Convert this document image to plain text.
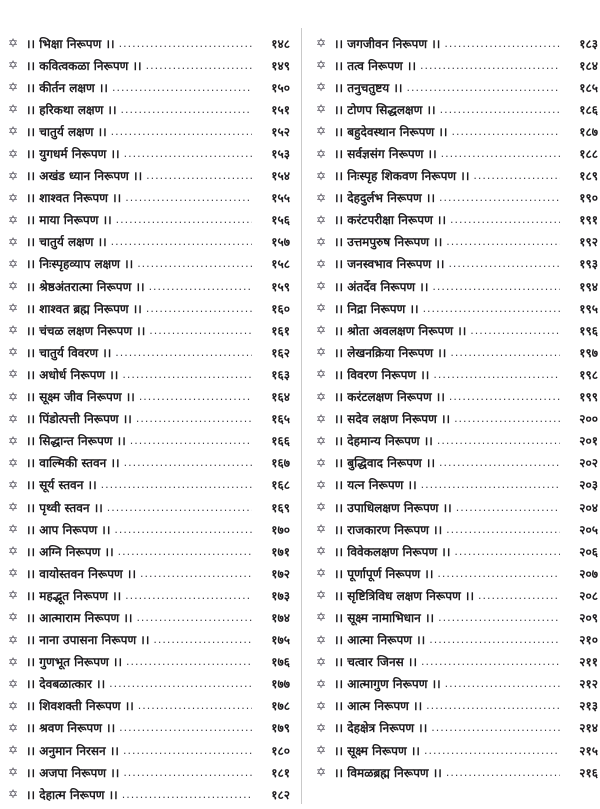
✡ ।। भिक्षा निरूपण ।। .....	१४८
✡ ।। कवित्वकळा निरूपण ।। .....	१४९
✡ ।। कीर्तन लक्षण ।। .....	१५०
✡ ।। हरिकथा लक्षण ।। .....	१५१
✡ ।। चातुर्य लक्षण ।। .....	१५२
✡ ।। युगधर्म निरूपण ।। .....	१५३
✡ ।। अखंड ध्यान निरूपण ।। .....	१५४
✡ ।। शाश्वत निरूपण ।। .....	१५५
✡ ।। माया निरूपण ।। .....	१५६
✡ ।। चातुर्य लक्षण ।। .....	१५७
✡ ।। निःस्पृहव्याप लक्षण ।। .....	१५८
✡ ।। श्रेष्ठअंतरात्मा निरूपण ।। .....	१५९
✡ ।। शाश्वत ब्रह्म निरूपण ।। .....	१६०
✡ ।। चंचळ लक्षण निरूपण ।। .....	१६१
✡ ।। चातुर्य विवरण ।। .....	१६२
✡ ।। अधोर्ध निरूपण ।। .....	१६३
✡ ।। सूक्ष्म जीव निरूपण ।। .....	१६४
✡ ।। पिंडोत्पत्ती निरूपण ।। .....	१६५
✡ ।। सिद्धान्त निरूपण ।। .....	१६६
✡ ।। वाल्मिकी स्तवन ।। .....	१६७
✡ ।। सूर्य स्तवन ।। .....	१६८
✡ ।। पृथ्वी स्तवन ।। .....	१६९
✡ ।। आप निरूपण ।। .....	१७०
✡ ।। अग्नि निरूपण ।। .....	१७१
✡ ।। वायोस्तवन निरूपण ।। .....	१७२
✡ ।। महद्भूत निरूपण ।। .....	१७३
✡ ।। आत्माराम निरूपण ।। .....	१७४
✡ ।। नाना उपासना निरूपण ।। .....	१७५
✡ ।। गुणभूत निरूपण ।। .....	१७६
✡ ।। देवबळात्कार ।। .....	१७७
✡ ।। शिवशक्ती निरूपण ।। .....	१७८
✡ ।। श्रवण निरूपण ।। .....	१७९
✡ ।। अनुमान निरसन ।। .....	१८०
✡ ।। अजपा निरूपण ।। .....	१८१
✡ ।। देहात्म निरूपण ।। .....	१८२
✡ ।। जगजीवन निरूपण ।। .....	१८३
✡ ।। तत्व निरूपण ।। .....	१८४
✡ ।। तनुचतुष्टय ।। .....	१८५
✡ ।। टोणप सिद्धलक्षण ।। .....	१८६
✡ ।। बहुदेवस्थान निरूपण ।। .....	१८७
✡ ।। सर्वज्ञसंग निरूपण ।। .....	१८८
✡ ।। निःस्पृह शिकवण निरूपण ।। .....	१८९
✡ ।। देहदुर्लभ निरूपण ।। .....	१९०
✡ ।। करंटपरीक्षा निरूपण ।। .....	१९१
✡ ।। उत्तमपुरुष निरूपण ।। .....	१९२
✡ ।। जनस्वभाव निरूपण ।। .....	१९३
✡ ।। अंतर्देव निरूपण ।। .....	१९४
✡ ।। निद्रा निरूपण ।। .....	१९५
✡ ।। श्रोता अवलक्षण निरूपण ।। .....	१९६
✡ ।। लेखनक्रिया निरूपण ।। .....	१९७
✡ ।। विवरण निरूपण ।। .....	१९८
✡ ।। करंटलक्षण निरूपण ।। .....	१९९
✡ ।। सदेव लक्षण निरूपण ।। .....	२००
✡ ।। देहमान्य निरूपण ।। .....	२०१
✡ ।। बुद्धिवाद निरूपण ।। .....	२०२
✡ ।। यत्न निरूपण ।। .....	२०३
✡ ।। उपाधिलक्षण निरूपण ।। .....	२०४
✡ ।। राजकारण निरूपण ।। .....	२०५
✡ ।। विवेकलक्षण निरूपण ।। .....	२०६
✡ ।। पूर्णापूर्ण निरूपण ।। .....	२०७
✡ ।। सृष्टित्रिविध लक्षण निरूपण ।। .....	२०८
✡ ।। सूक्ष्म नामाभिधान ।। .....	२०९
✡ ।। आत्मा निरूपण ।। .....	२१०
✡ ।। चत्वार जिनस ।। .....	२११
✡ ।। आत्मागुण निरूपण ।। .....	२१२
✡ ।। आत्म निरूपण ।। .....	२१३
✡ ।। देहक्षेत्र निरूपण ।। .....	२१४
✡ ।। सूक्ष्म निरूपण ।। .....	२१५
✡ ।। विमळब्रह्म निरूपण ।। .....	२१६
